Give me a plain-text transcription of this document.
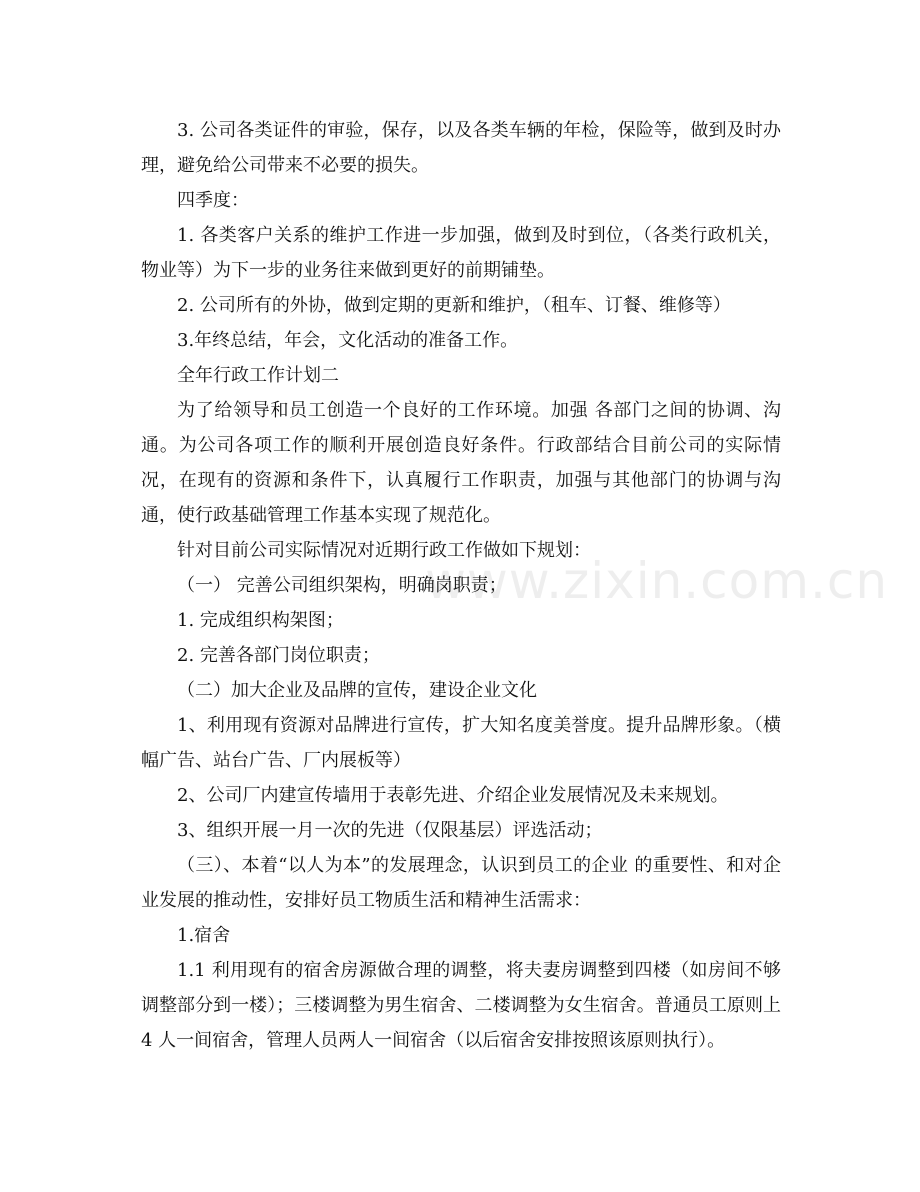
www.zixin.com.cn

3. 公司各类证件的审验，保存，以及各类车辆的年检，保险等，做到及时办理，避免给公司带来不必要的损失。

四季度：

1. 各类客户关系的维护工作进一步加强，做到及时到位，（各类行政机关，物业等）为下一步的业务往来做到更好的前期铺垫。

2. 公司所有的外协，做到定期的更新和维护，（租车、订餐、维修等）

3.年终总结，年会，文化活动的准备工作。

全年行政工作计划二

为了给领导和员工创造一个良好的工作环境。加强 各部门之间的协调、沟通。为公司各项工作的顺利开展创造良好条件。行政部结合目前公司的实际情况，在现有的资源和条件下，认真履行工作职责，加强与其他部门的协调与沟通，使行政基础管理工作基本实现了规范化。

针对目前公司实际情况对近期行政工作做如下规划：

（一） 完善公司组织架构，明确岗职责；

1. 完成组织构架图；

2. 完善各部门岗位职责；

（二）加大企业及品牌的宣传，建设企业文化

1、利用现有资源对品牌进行宣传，扩大知名度美誉度。提升品牌形象。（横幅广告、站台广告、厂内展板等）

2、公司厂内建宣传墙用于表彰先进、介绍企业发展情况及未来规划。

3、组织开展一月一次的先进（仅限基层）评选活动；

（三）、本着“以人为本”的发展理念，认识到员工的企业 的重要性、和对企业发展的推动性，安排好员工物质生活和精神生活需求：

1.宿舍

1.1 利用现有的宿舍房源做合理的调整，将夫妻房调整到四楼（如房间不够调整部分到一楼）；三楼调整为男生宿舍、二楼调整为女生宿舍。普通员工原则上 4 人一间宿舍，管理人员两人一间宿舍（以后宿舍安排按照该原则执行）。
